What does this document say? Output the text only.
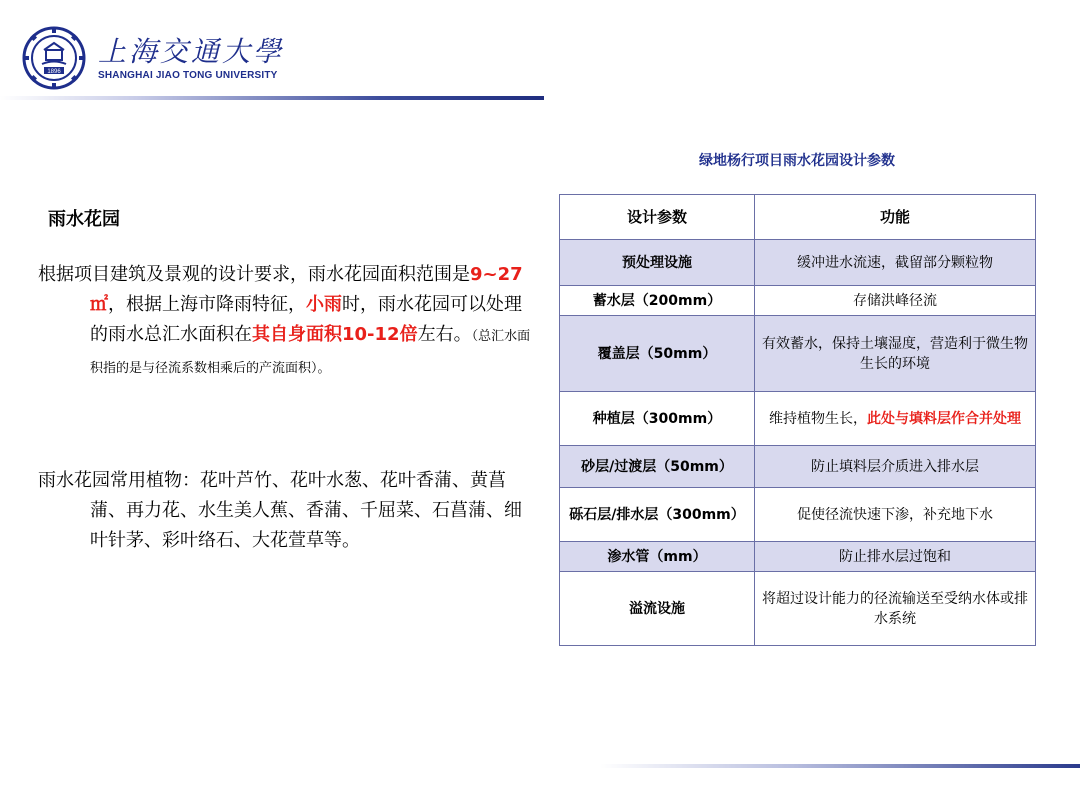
1896
上海交通大學
SHANGHAI JIAO TONG UNIVERSITY
雨水花园

根据项目建筑及景观的设计要求，雨水花园面积范围是9~27㎡，根据上海市降雨特征，小雨时，雨水花园可以处理的雨水总汇水面积在其自身面积10-12倍左右。（总汇水面积指的是与径流系数相乘后的产流面积）。

雨水花园常用植物：花叶芦竹、花叶水葱、花叶香蒲、黄菖蒲、再力花、水生美人蕉、香蒲、千屈菜、石菖蒲、细叶针茅、彩叶络石、大花萱草等。

绿地杨行项目雨水花园设计参数
设计参数	功能
预处理设施	缓冲进水流速，截留部分颗粒物
蓄水层（200mm）	存储洪峰径流
覆盖层（50mm）	有效蓄水，保持土壤湿度，营造利于微生物生长的环境
种植层（300mm）	维持植物生长，此处与填料层作合并处理
砂层/过渡层（50mm）	防止填料层介质进入排水层
砾石层/排水层（300mm）	促使径流快速下渗，补充地下水
渗水管（mm）	防止排水层过饱和
溢流设施	将超过设计能力的径流输送至受纳水体或排水系统
